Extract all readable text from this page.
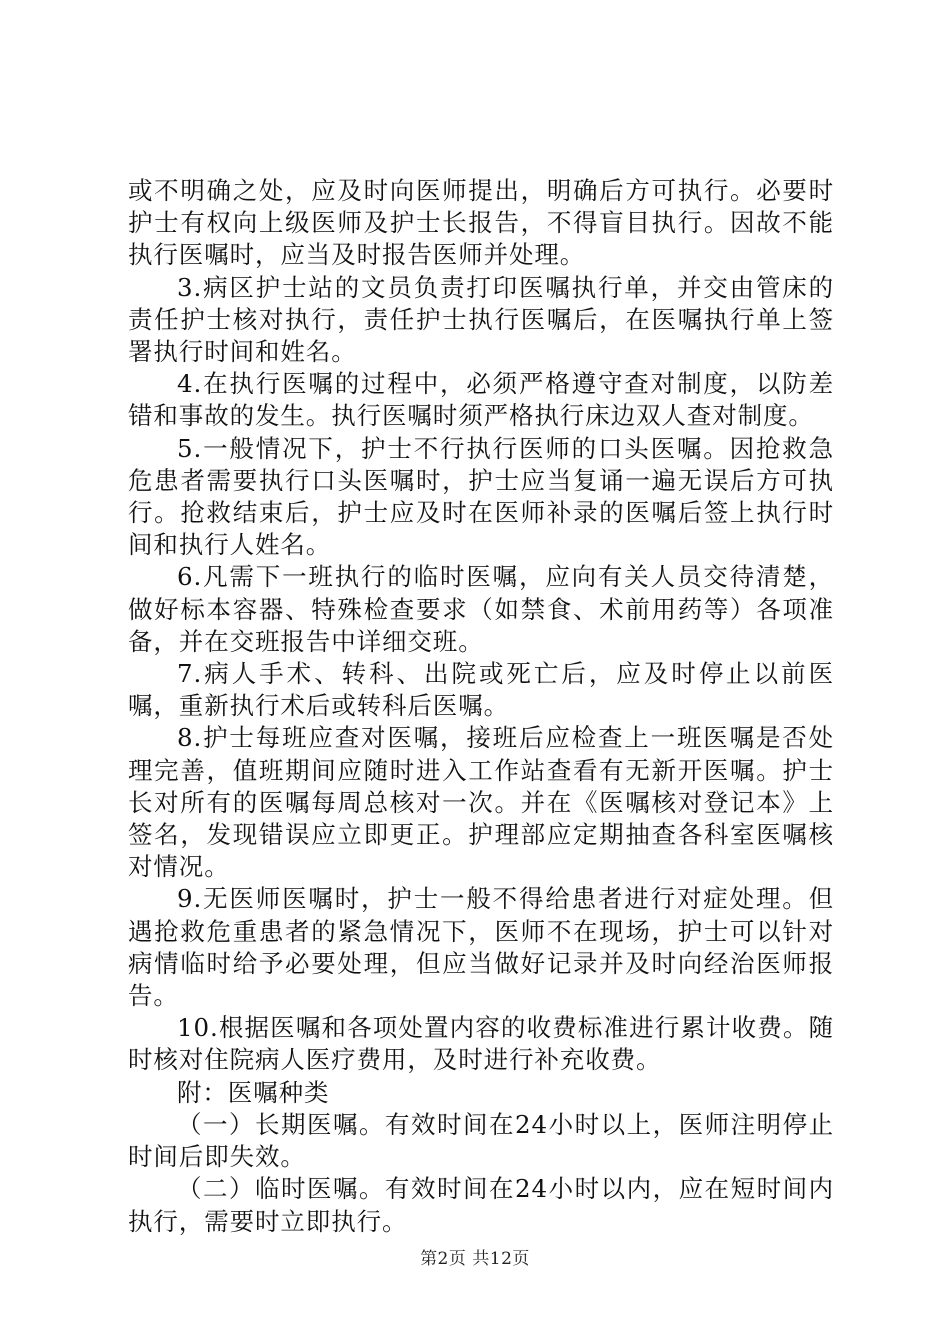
或不明确之处，应及时向医师提出，明确后方可执行。必要时护士有权向上级医师及护士长报告，不得盲目执行。因故不能执行医嘱时，应当及时报告医师并处理。

3.病区护士站的文员负责打印医嘱执行单，并交由管床的责任护士核对执行，责任护士执行医嘱后，在医嘱执行单上签署执行时间和姓名。

4.在执行医嘱的过程中，必须严格遵守查对制度，以防差错和事故的发生。执行医嘱时须严格执行床边双人查对制度。

5.一般情况下，护士不行执行医师的口头医嘱。因抢救急危患者需要执行口头医嘱时，护士应当复诵一遍无误后方可执行。抢救结束后，护士应及时在医师补录的医嘱后签上执行时间和执行人姓名。

6.凡需下一班执行的临时医嘱，应向有关人员交待清楚，做好标本容器、特殊检查要求（如禁食、术前用药等）各项准备，并在交班报告中详细交班。

7.病人手术、转科、出院或死亡后，应及时停止以前医嘱，重新执行术后或转科后医嘱。

8.护士每班应查对医嘱，接班后应检查上一班医嘱是否处理完善，值班期间应随时进入工作站查看有无新开医嘱。护士长对所有的医嘱每周总核对一次。并在《医嘱核对登记本》上签名，发现错误应立即更正。护理部应定期抽查各科室医嘱核对情况。

9.无医师医嘱时，护士一般不得给患者进行对症处理。但遇抢救危重患者的紧急情况下，医师不在现场，护士可以针对病情临时给予必要处理，但应当做好记录并及时向经治医师报告。

10.根据医嘱和各项处置内容的收费标准进行累计收费。随时核对住院病人医疗费用，及时进行补充收费。

附：医嘱种类

（一）长期医嘱。有效时间在24小时以上，医师注明停止时间后即失效。

（二）临时医嘱。有效时间在24小时以内，应在短时间内执行，需要时立即执行。

第2页 共12页
